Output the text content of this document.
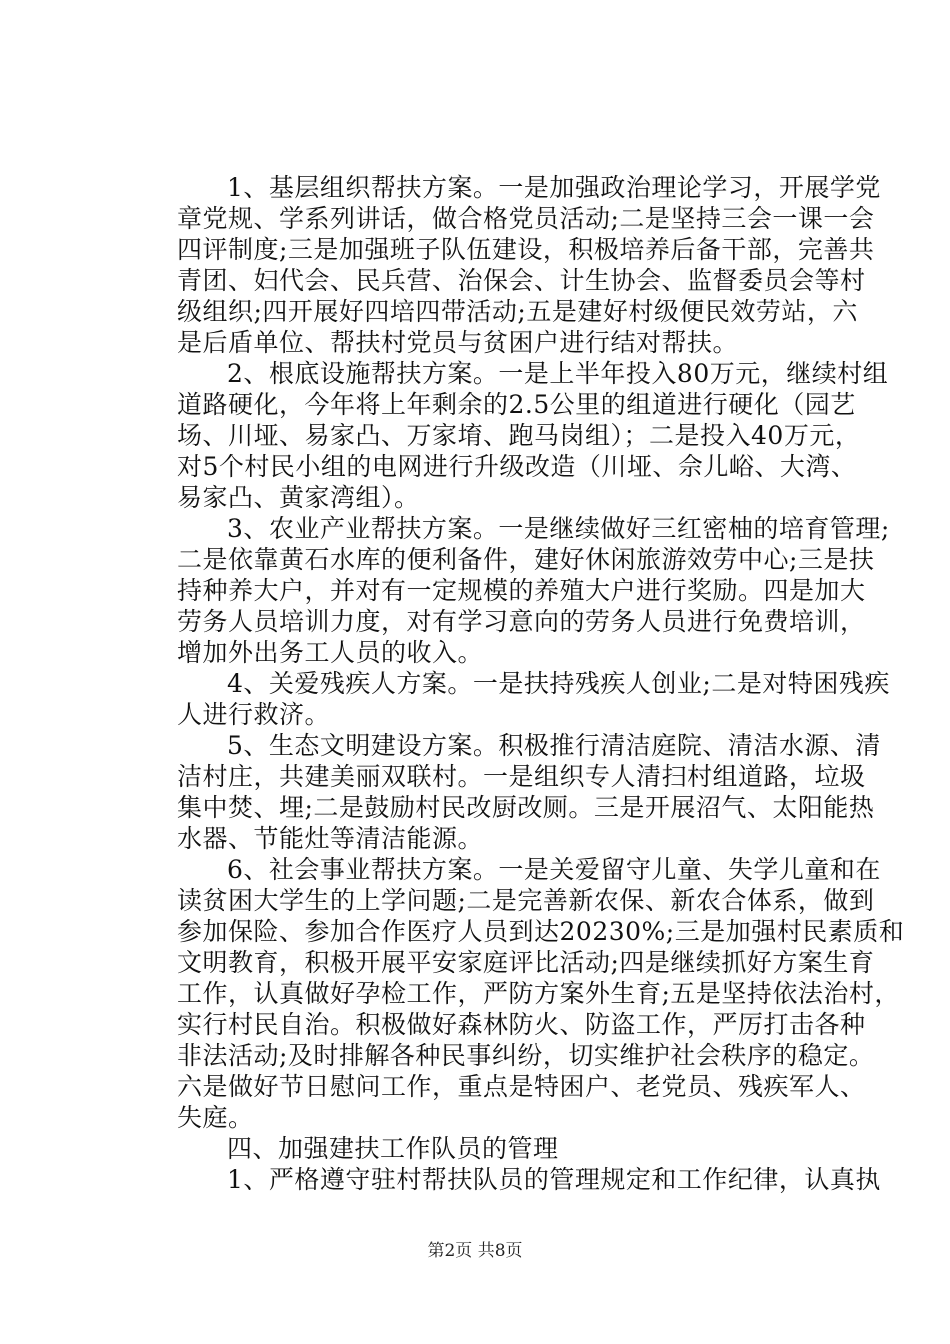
1、基层组织帮扶方案。一是加强政治理论学习，开展学党
章党规、学系列讲话，做合格党员活动;二是坚持三会一课一会
四评制度;三是加强班子队伍建设，积极培养后备干部，完善共
青团、妇代会、民兵营、治保会、计生协会、监督委员会等村
级组织;四开展好四培四带活动;五是建好村级便民效劳站，六
是后盾单位、帮扶村党员与贫困户进行结对帮扶。
2、根底设施帮扶方案。一是上半年投入80万元，继续村组
道路硬化，今年将上年剩余的2.5公里的组道进行硬化（园艺
场、川垭、易家凸、万家堉、跑马岗组）；二是投入40万元，
对5个村民小组的电网进行升级改造（川垭、佘儿峪、大湾、
易家凸、黄家湾组）。
3、农业产业帮扶方案。一是继续做好三红密柚的培育管理;
二是依靠黄石水库的便利备件，建好休闲旅游效劳中心;三是扶
持种养大户，并对有一定规模的养殖大户进行奖励。四是加大
劳务人员培训力度，对有学习意向的劳务人员进行免费培训，
增加外出务工人员的收入。
4、关爱残疾人方案。一是扶持残疾人创业;二是对特困残疾
人进行救济。
5、生态文明建设方案。积极推行清洁庭院、清洁水源、清
洁村庄，共建美丽双联村。一是组织专人清扫村组道路，垃圾
集中焚、埋;二是鼓励村民改厨改厕。三是开展沼气、太阳能热
水器、节能灶等清洁能源。
6、社会事业帮扶方案。一是关爱留守儿童、失学儿童和在
读贫困大学生的上学问题;二是完善新农保、新农合体系，做到
参加保险、参加合作医疗人员到达20230%;三是加强村民素质和
文明教育，积极开展平安家庭评比活动;四是继续抓好方案生育
工作，认真做好孕检工作，严防方案外生育;五是坚持依法治村，
实行村民自治。积极做好森林防火、防盗工作，严厉打击各种
非法活动;及时排解各种民事纠纷，切实维护社会秩序的稳定。
六是做好节日慰问工作，重点是特困户、老党员、残疾军人、
失庭。
四、加强建扶工作队员的管理
1、严格遵守驻村帮扶队员的管理规定和工作纪律，认真执
第2页 共8页
